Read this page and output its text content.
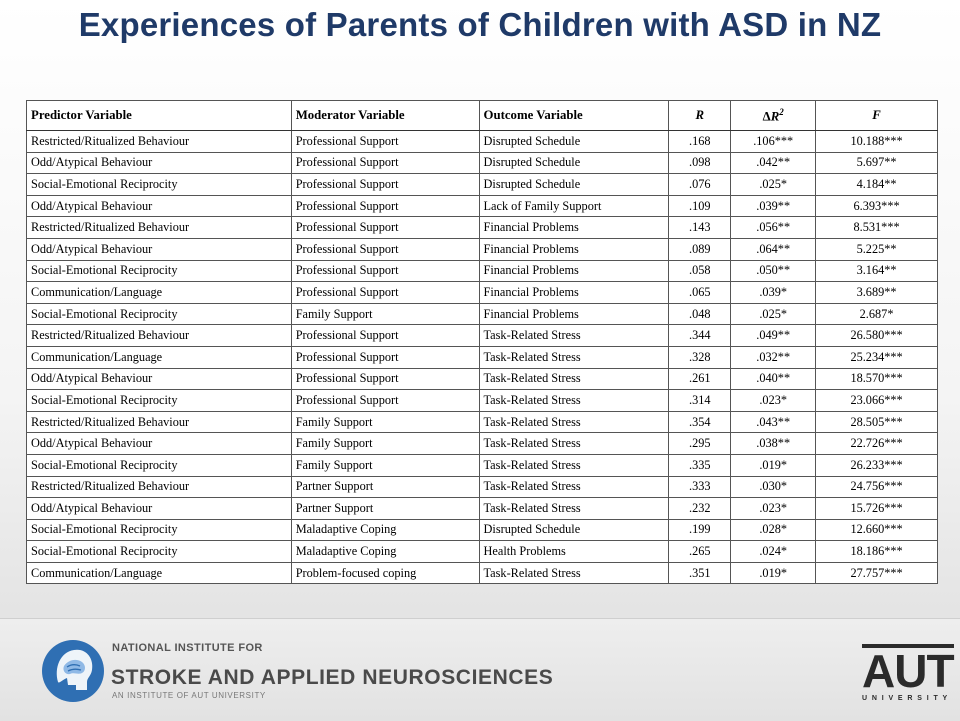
Experiences of Parents of Children with ASD in NZ
Predictor Variable	Moderator Variable	Outcome Variable	R	$\Delta R^2$	F
Restricted/Ritualized Behaviour	Professional Support	Disrupted Schedule	.168	.106***	10.188***
Odd/Atypical Behaviour	Professional Support	Disrupted Schedule	.098	.042**	5.697**
Social-Emotional Reciprocity	Professional Support	Disrupted Schedule	.076	.025*	4.184**
Odd/Atypical Behaviour	Professional Support	Lack of Family Support	.109	.039**	6.393***
Restricted/Ritualized Behaviour	Professional Support	Financial Problems	.143	.056**	8.531***
Odd/Atypical Behaviour	Professional Support	Financial Problems	.089	.064**	5.225**
Social-Emotional Reciprocity	Professional Support	Financial Problems	.058	.050**	3.164**
Communication/Language	Professional Support	Financial Problems	.065	.039*	3.689**
Social-Emotional Reciprocity	Family Support	Financial Problems	.048	.025*	2.687*
Restricted/Ritualized Behaviour	Professional Support	Task-Related Stress	.344	.049**	26.580***
Communication/Language	Professional Support	Task-Related Stress	.328	.032**	25.234***
Odd/Atypical Behaviour	Professional Support	Task-Related Stress	.261	.040**	18.570***
Social-Emotional Reciprocity	Professional Support	Task-Related Stress	.314	.023*	23.066***
Restricted/Ritualized Behaviour	Family Support	Task-Related Stress	.354	.043**	28.505***
Odd/Atypical Behaviour	Family Support	Task-Related Stress	.295	.038**	22.726***
Social-Emotional Reciprocity	Family Support	Task-Related Stress	.335	.019*	26.233***
Restricted/Ritualized Behaviour	Partner Support	Task-Related Stress	.333	.030*	24.756***
Odd/Atypical Behaviour	Partner Support	Task-Related Stress	.232	.023*	15.726***
Social-Emotional Reciprocity	Maladaptive Coping	Disrupted Schedule	.199	.028*	12.660***
Social-Emotional Reciprocity	Maladaptive Coping	Health Problems	.265	.024*	18.186***
Communication/Language	Problem-focused coping	Task-Related Stress	.351	.019*	27.757***
NATIONAL INSTITUTE FOR
STROKE AND APPLIED NEUROSCIENCES
AN INSTITUTE OF AUT UNIVERSITY	AUT
UNIVERSITY
